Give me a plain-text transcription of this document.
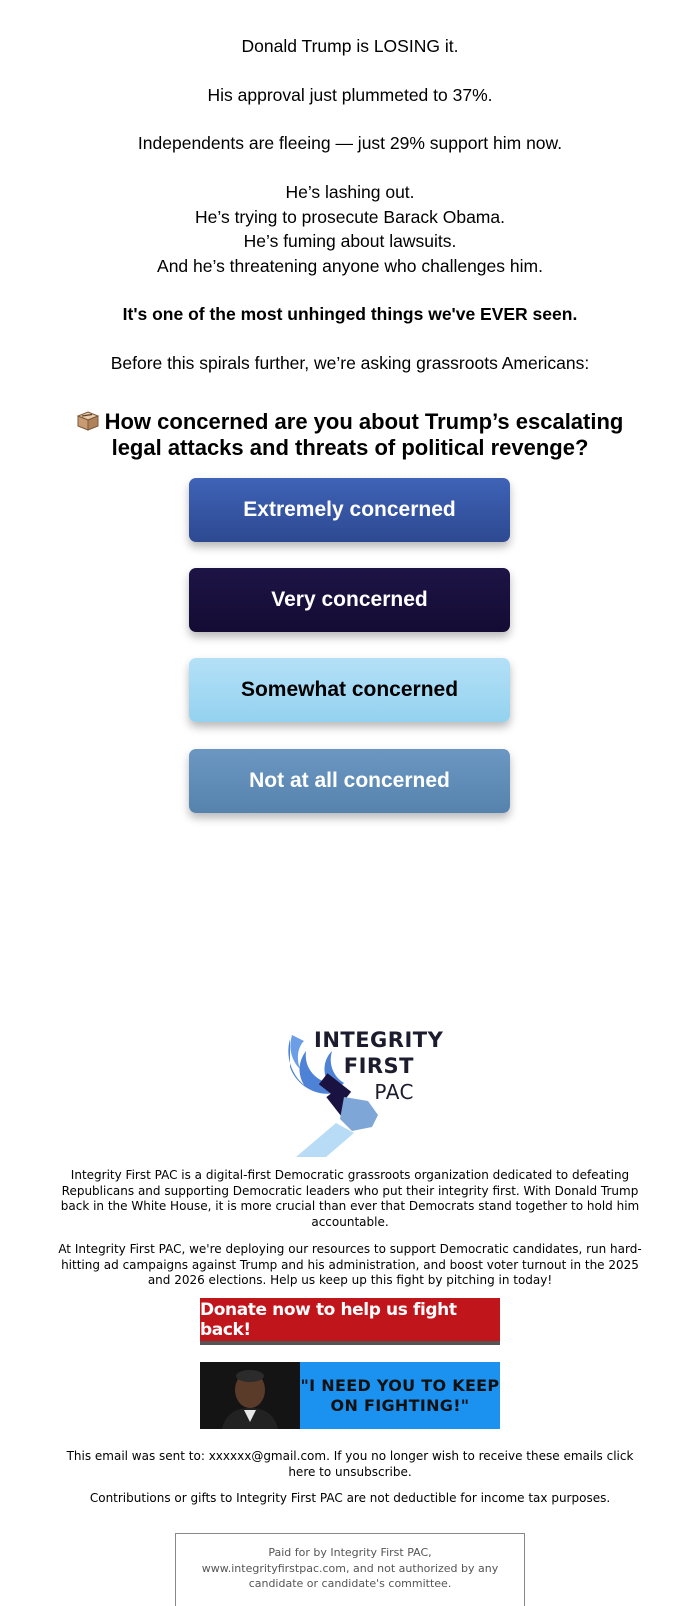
Donald Trump is LOSING it.
His approval just plummeted to 37%.
Independents are fleeing — just 29% support him now.

He’s lashing out.

He’s trying to prosecute Barack Obama.

He’s fuming about lawsuits.

And he’s threatening anyone who challenges him.

It's one of the most unhinged things we've EVER seen.
Before this spirals further, we’re asking grassroots Americans:
How concerned are you about Trump’s escalating legal attacks and threats of political revenge?
Extremely concerned
Very concerned
Somewhat concerned
Not at all concerned
INTEGRITY
FIRST
PAC
Integrity First PAC is a digital-first Democratic grassroots organization dedicated to defeating Republicans and supporting Democratic leaders who put their integrity first. With Donald Trump back in the White House, it is more crucial than ever that Democrats stand together to hold him accountable.
At Integrity First PAC, we're deploying our resources to support Democratic candidates, run hard-hitting ad campaigns against Trump and his administration, and boost voter turnout in the 2025 and 2026 elections. Help us keep up this fight by pitching in today!
Donate now to help us fight back!
"I NEED YOU TO KEEP ON FIGHTING!"
This email was sent to: xxxxxx@gmail.com. If you no longer wish to receive these emails click here to unsubscribe.
Contributions or gifts to Integrity First PAC are not deductible for income tax purposes.
Paid for by Integrity First PAC, www.integrityfirstpac.com, and not authorized by any candidate or candidate's committee.
